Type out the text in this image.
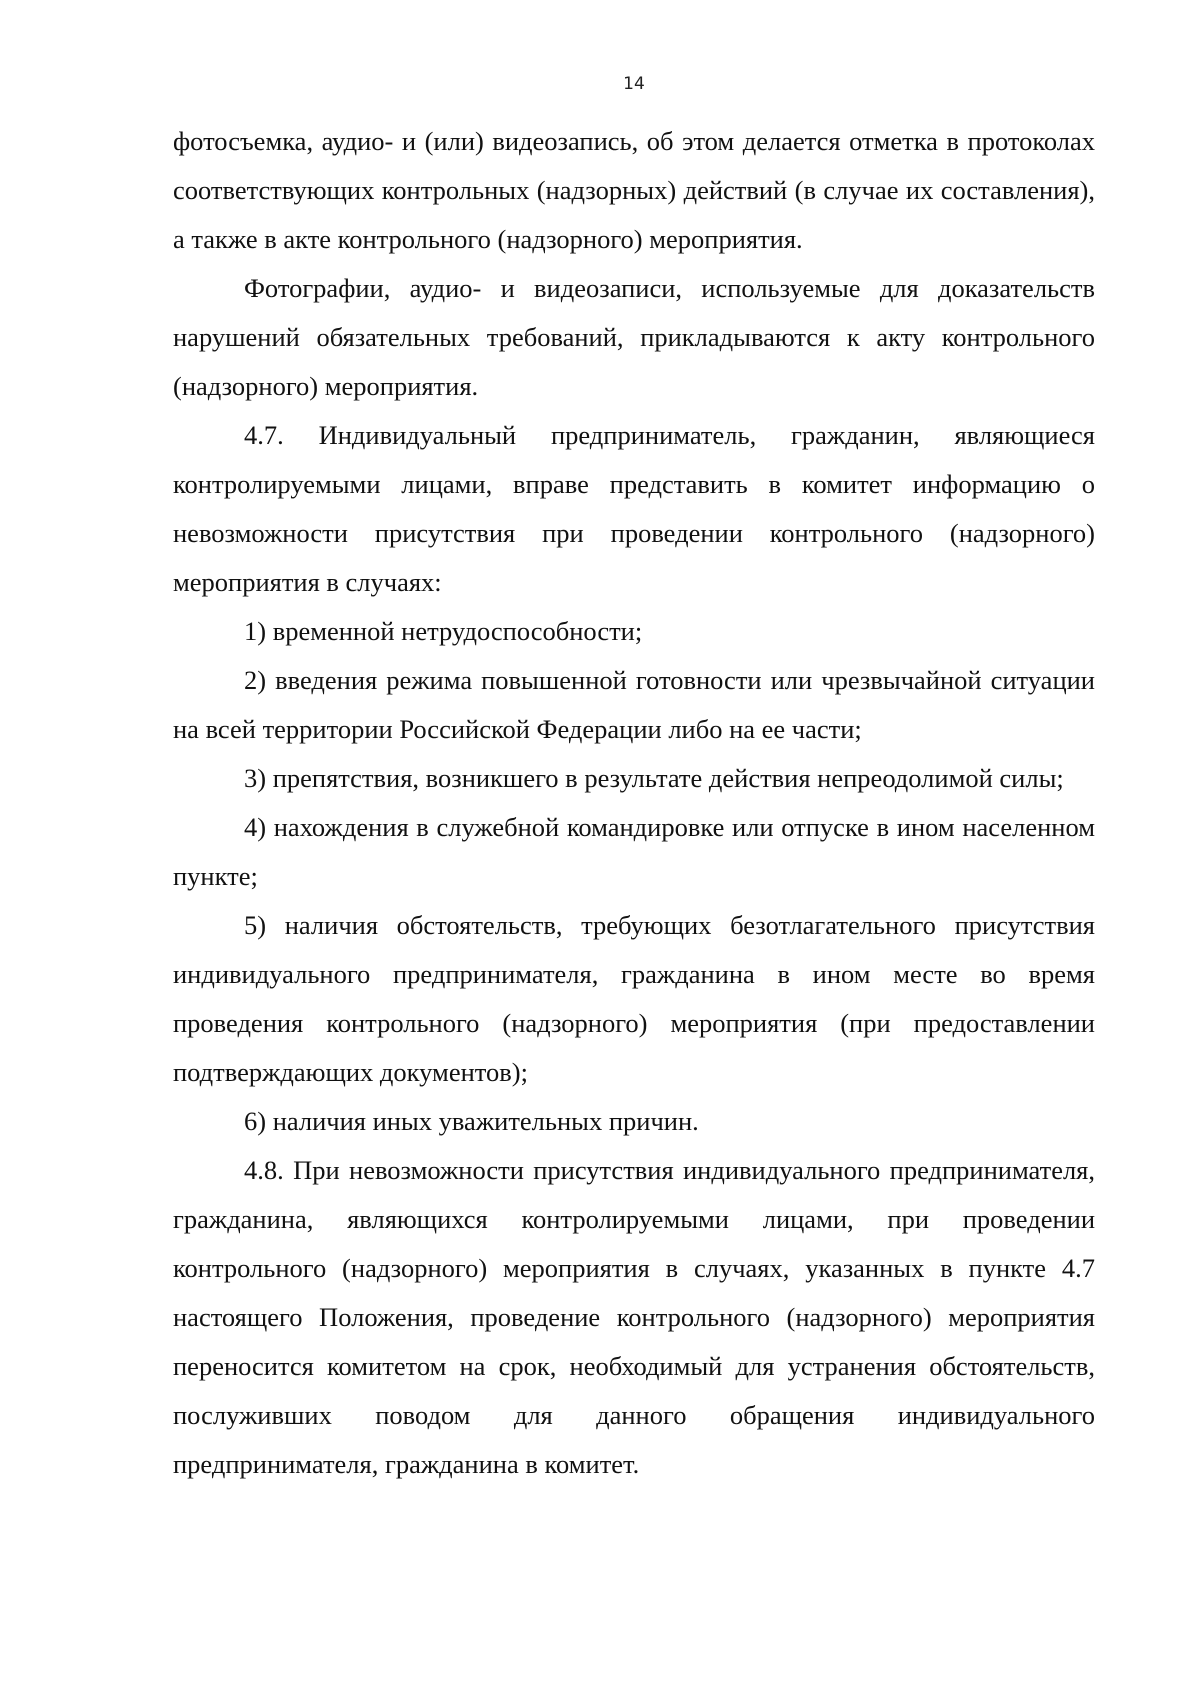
14

фотосъемка, аудио- и (или) видеозапись, об этом делается отметка в протоколах соответствующих контрольных (надзорных) действий (в случае их составления), а также в акте контрольного (надзорного) мероприятия.

Фотографии, аудио- и видеозаписи, используемые для доказательств нарушений обязательных требований, прикладываются к акту контрольного (надзорного) мероприятия.

4.7. Индивидуальный предприниматель, гражданин, являющиеся контролируемыми лицами, вправе представить в комитет информацию о невозможности присутствия при проведении контрольного (надзорного) мероприятия в случаях:

1) временной нетрудоспособности;

2) введения режима повышенной готовности или чрезвычайной ситуации на всей территории Российской Федерации либо на ее части;

3) препятствия, возникшего в результате действия непреодолимой силы;

4) нахождения в служебной командировке или отпуске в ином населенном пункте;

5) наличия обстоятельств, требующих безотлагательного присутствия индивидуального предпринимателя, гражданина в ином месте во время проведения контрольного (надзорного) мероприятия (при предоставлении подтверждающих документов);

6) наличия иных уважительных причин.

4.8. При невозможности присутствия индивидуального предпринимателя, гражданина, являющихся контролируемыми лицами, при проведении контрольного (надзорного) мероприятия в случаях, указанных в пункте 4.7 настоящего Положения, проведение контрольного (надзорного) мероприятия переносится комитетом на срок, необходимый для устранения обстоятельств, послуживших поводом для данного обращения индивидуального предпринимателя, гражданина в комитет.
